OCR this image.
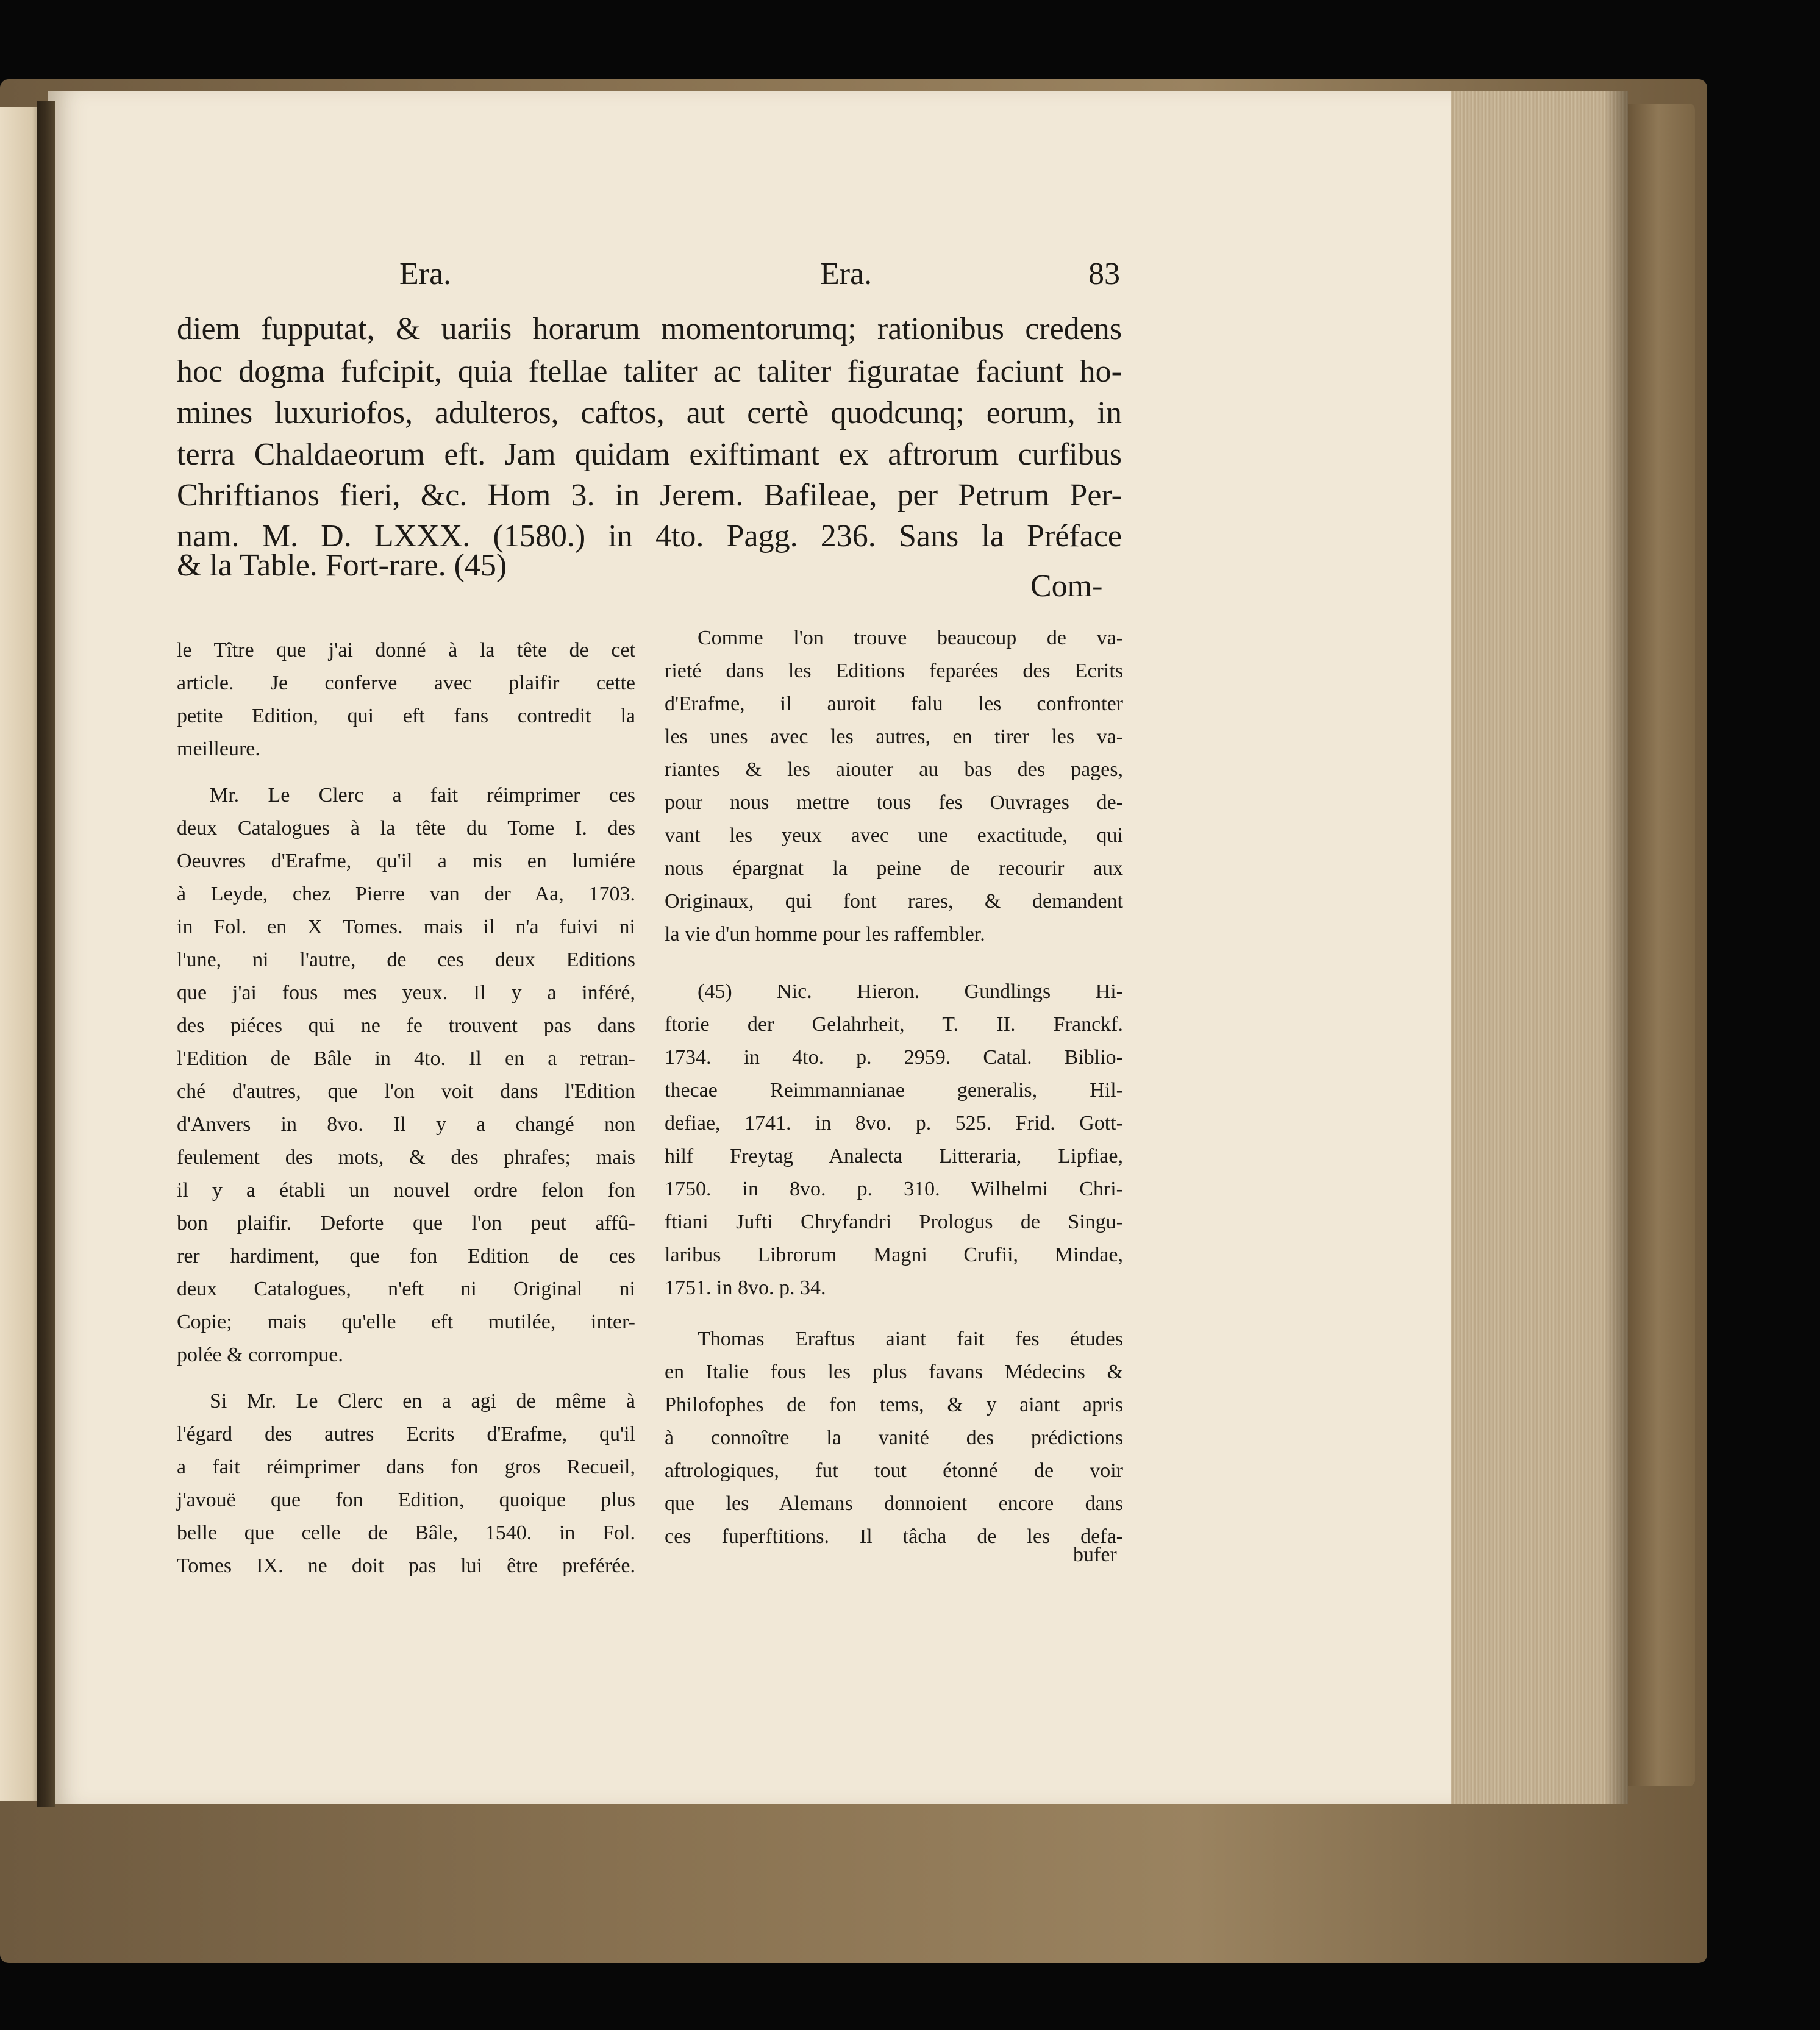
Era.	Era.	83
diem fupputat, & uariis horarum momentorumq; rationibus credens
hoc dogma fufcipit, quia ftellae taliter ac taliter figuratae faciunt ho-
mines luxuriofos, adulteros, caftos, aut certè quodcunq; eorum, in
terra Chaldaeorum eft. Jam quidam exiftimant ex aftrorum curfibus
Chriftianos fieri, &c. Hom 3. in Jerem. Bafileae, per Petrum Per-
nam. M. D. LXXX. (1580.) in 4to. Pagg. 236. Sans la Préface
& la Table. Fort-rare. (45)
Com-
le Tître que j'ai donné à la tête de cet
article. Je conferve avec plaifir cette
petite Edition, qui eft fans contredit la
meilleure.
Mr. Le Clerc a fait réimprimer ces
deux Catalogues à la tête du Tome I. des
Oeuvres d'Erafme, qu'il a mis en lumiére
à Leyde, chez Pierre van der Aa, 1703.
in Fol. en X Tomes. mais il n'a fuivi ni
l'une, ni l'autre, de ces deux Editions
que j'ai fous mes yeux. Il y a inféré,
des piéces qui ne fe trouvent pas dans
l'Edition de Bâle in 4to. Il en a retran-
ché d'autres, que l'on voit dans l'Edition
d'Anvers in 8vo. Il y a changé non
feulement des mots, & des phrafes; mais
il y a établi un nouvel ordre felon fon
bon plaifir. Deforte que l'on peut affû-
rer hardiment, que fon Edition de ces
deux Catalogues, n'eft ni Original ni
Copie; mais qu'elle eft mutilée, inter-
polée & corrompue.
Si Mr. Le Clerc en a agi de même à
l'égard des autres Ecrits d'Erafme, qu'il
a fait réimprimer dans fon gros Recueil,
j'avouë que fon Edition, quoique plus
belle que celle de Bâle, 1540. in Fol.
Tomes IX. ne doit pas lui être preférée.
Comme l'on trouve beaucoup de va-
rieté dans les Editions feparées des Ecrits
d'Erafme, il auroit falu les confronter
les unes avec les autres, en tirer les va-
riantes & les aiouter au bas des pages,
pour nous mettre tous fes Ouvrages de-
vant les yeux avec une exactitude, qui
nous épargnat la peine de recourir aux
Originaux, qui font rares, & demandent
la vie d'un homme pour les raffembler.
(45) Nic. Hieron. Gundlings Hi-
ftorie der Gelahrheit, T. II. Franckf.
1734. in 4to. p. 2959. Catal. Biblio-
thecae Reimmannianae generalis, Hil-
defiae, 1741. in 8vo. p. 525. Frid. Gott-
hilf Freytag Analecta Litteraria, Lipfiae,
1750. in 8vo. p. 310. Wilhelmi Chri-
ftiani Jufti Chryfandri Prologus de Singu-
laribus Librorum Magni Crufii, Mindae,
1751. in 8vo. p. 34.
Thomas Eraftus aiant fait fes études
en Italie fous les plus favans Médecins &
Philofophes de fon tems, & y aiant apris
à connoître la vanité des prédictions
aftrologiques, fut tout étonné de voir
que les Alemans donnoient encore dans
ces fuperftitions. Il tâcha de les defa-
bufer
